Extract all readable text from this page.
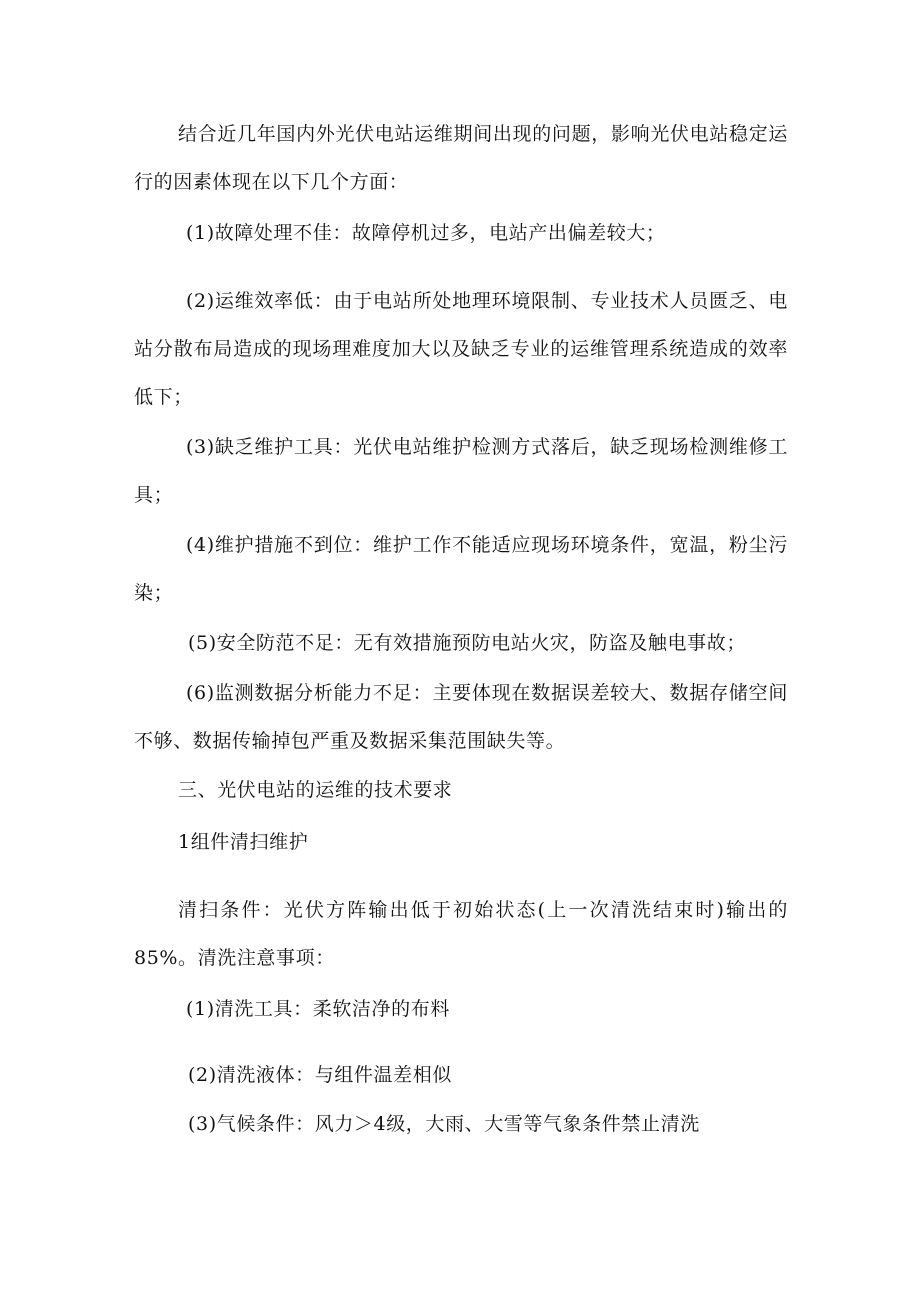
结合近几年国内外光伏电站运维期间出现的问题，影响光伏电站稳定运行的因素体现在以下几个方面：

(1)故障处理不佳：故障停机过多，电站产出偏差较大；

(2)运维效率低：由于电站所处地理环境限制、专业技术人员匮乏、电站分散布局造成的现场理难度加大以及缺乏专业的运维管理系统造成的效率低下；

(3)缺乏维护工具：光伏电站维护检测方式落后，缺乏现场检测维修工具；

(4)维护措施不到位：维护工作不能适应现场环境条件，宽温，粉尘污染；

(5)安全防范不足：无有效措施预防电站火灾，防盗及触电事故；

(6)监测数据分析能力不足：主要体现在数据误差较大、数据存储空间不够、数据传输掉包严重及数据采集范围缺失等。

三、光伏电站的运维的技术要求

1组件清扫维护

清扫条件：光伏方阵输出低于初始状态(上一次清洗结束时)输出的85%。清洗注意事项：

(1)清洗工具：柔软洁净的布料

(2)清洗液体：与组件温差相似

(3)气候条件：风力＞4级，大雨、大雪等气象条件禁止清洗
